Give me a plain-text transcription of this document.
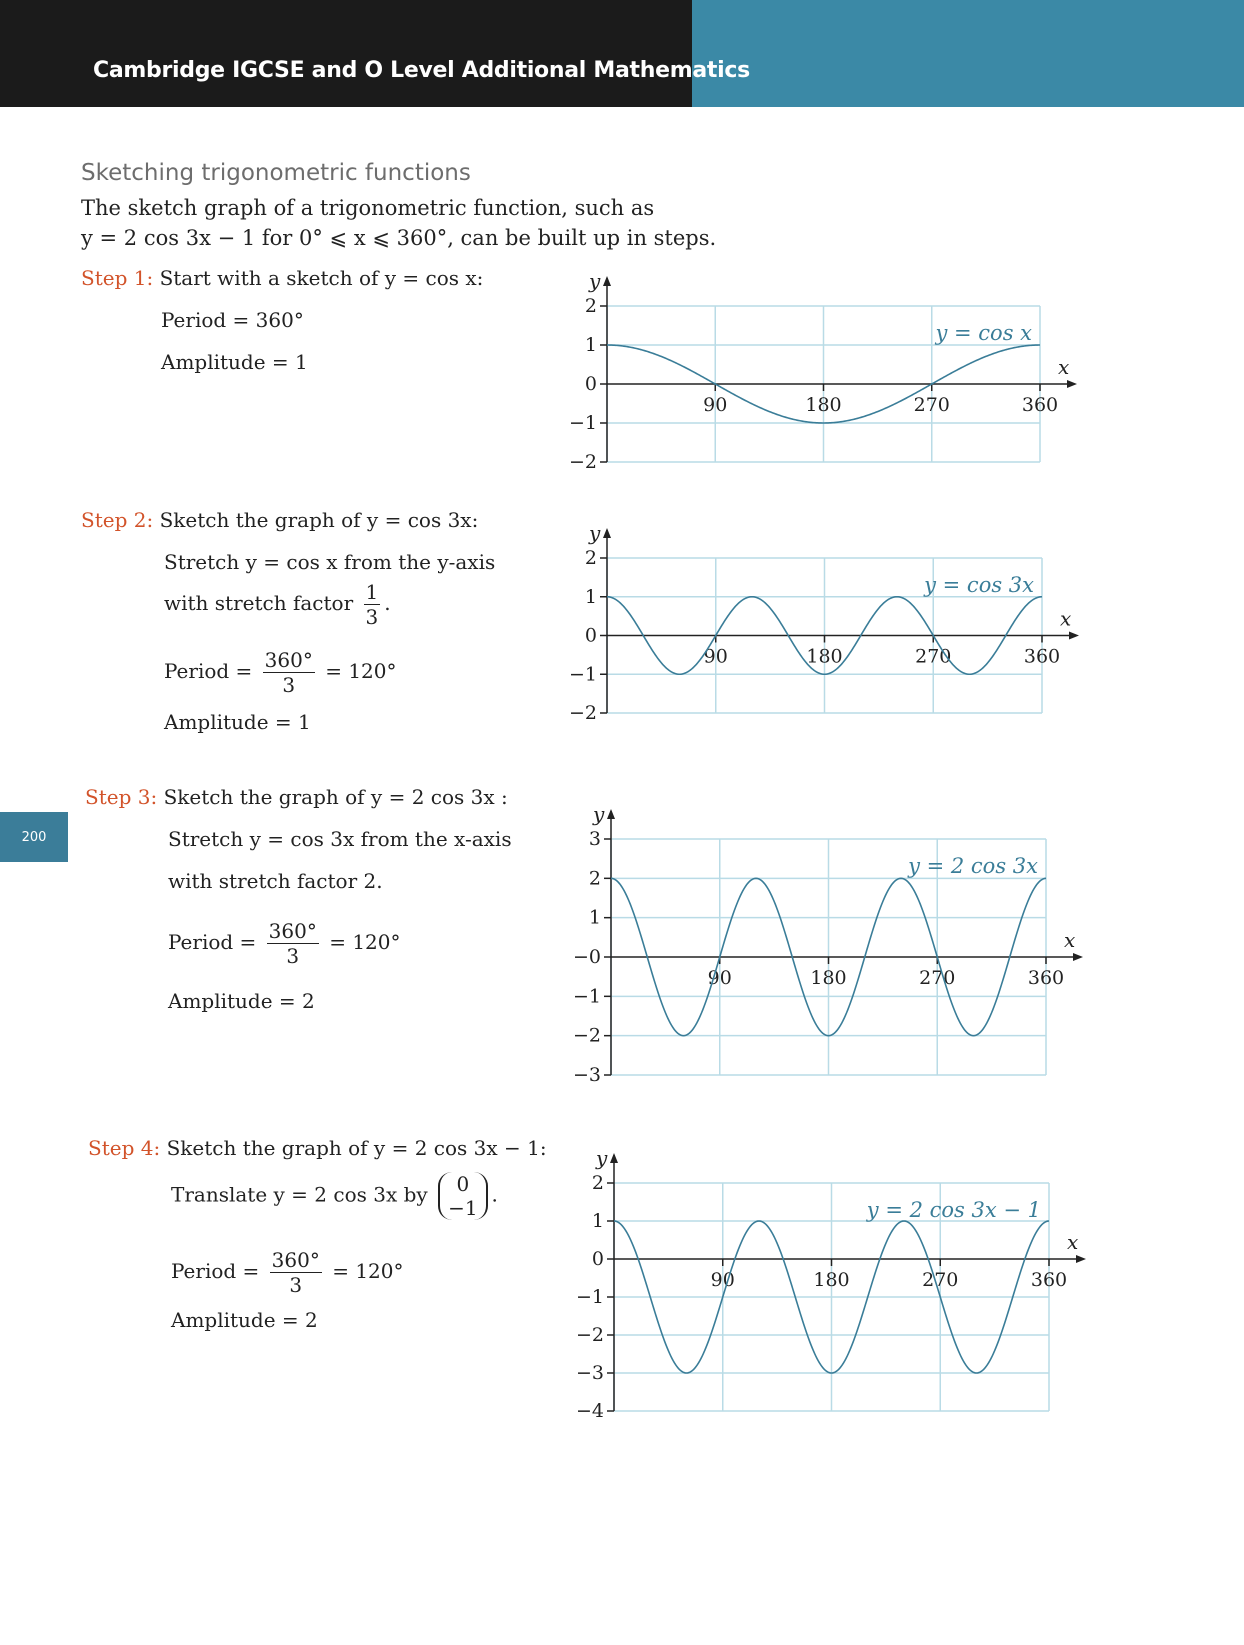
Cambridge IGCSE and O Level Additional Mathematics
200
Sketching trigonometric functions
The sketch graph of a trigonometric function, such as
y = 2 cos 3x − 1 for 0° ⩽ x ⩽ 360°, can be built up in steps.
Step 1: Start with a sketch of y = cos x:
Period = 360°
Amplitude = 1
Step 2: Sketch the graph of y = cos 3x:
Stretch y = cos x from the y-axis
with stretch factor $\frac{1}{3}$ .
Period = $\frac{360^\circ}{3} = 120^\circ$
Amplitude = 1
Step 3: Sketch the graph of y = 2 cos 3x :
Stretch y = cos 3x from the x-axis
with stretch factor 2.
Period = $\frac{360^\circ}{3} = 120^\circ$
Amplitude = 2
Step 4: Sketch the graph of y = 2 cos 3x − 1:
Translate y = 2 cos 3x by	0
−1
.
Period = $\frac{360^\circ}{3} = 120^\circ$
Amplitude = 2
y
2
1
0
−1
−2
x
90	180	270	360
y = cos x
y
2
1
0
−1
−2
x
90	180	270	360
y = cos 3x
y
3
2
1
−0
−1
−2
−3
x
90	180	270	360
y = 2 cos 3x
y
2
1
0
−1
−2
−3
−4
x
90	180	270	360
y = 2 cos 3x − 1
